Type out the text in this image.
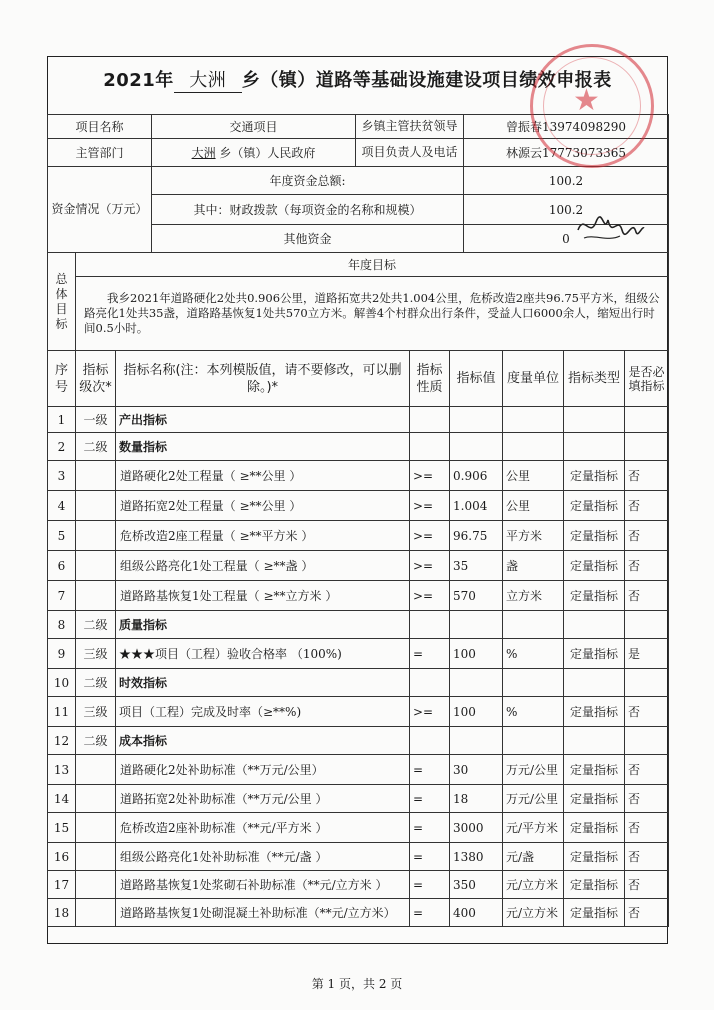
2021年 大洲 乡（镇）道路等基础设施建设项目绩效申报表
项目名称	交通项目	乡镇主管扶贫领导	曾振春13974098290
主管部门	大洲 乡（镇）人民政府	项目负责人及电话	林源云17773073365
资金情况（万元）	年度资金总额:	100.2
	其中：财政拨款（每项资金的名称和规模）	100.2
	其他资金	0
总体目标	年度目标
我乡2021年道路硬化2处共0.906公里，道路拓宽共2处共1.004公里，危桥改造2座共96.75平方米，组级公路亮化1处共35盏，道路路基恢复1处共570立方米。解善4个村群众出行条件，受益人口6000余人，缩短出行时间0.5小时。
序号	指标级次*	指标名称(注：本列模版值，请不要修改，可以删除。)*	指标性质	指标值	度量单位	指标类型	是否必填指标
1	一级	产出指标					
2	二级	数量指标					
3		道路硬化2处工程量（ ≥**公里 ）	>=	0.906	公里	定量指标	否
4		道路拓宽2处工程量（ ≥**公里 ）	>=	1.004	公里	定量指标	否
5		危桥改造2座工程量（ ≥**平方米 ）	>=	96.75	平方米	定量指标	否
6		组级公路亮化1处工程量（ ≥**盏 ）	>=	35	盏	定量指标	否
7		道路路基恢复1处工程量（ ≥**立方米 ）	>=	570	立方米	定量指标	否
8	二级	质量指标					
9	三级	★★★项目（工程）验收合格率 （100%)	=	100	%	定量指标	是
10	二级	时效指标					
11	三级	项目（工程）完成及时率（≥**%)	>=	100	%	定量指标	否
12	二级	成本指标					
13		道路硬化2处补助标准（**万元/公里）	=	30	万元/公里	定量指标	否
14		道路拓宽2处补助标准（**万元/公里 ）	=	18	万元/公里	定量指标	否
15		危桥改造2座补助标准（**元/平方米 ）	=	3000	元/平方米	定量指标	否
16		组级公路亮化1处补助标准（**元/盏 ）	=	1380	元/盏	定量指标	否
17		道路路基恢复1处浆砌石补助标准（**元/立方米 ）	=	350	元/立方米	定量指标	否
18		道路路基恢复1处砌混凝土补助标准（**元/立方米）	=	400	元/立方米	定量指标	否
★
第 1 页，共 2 页
